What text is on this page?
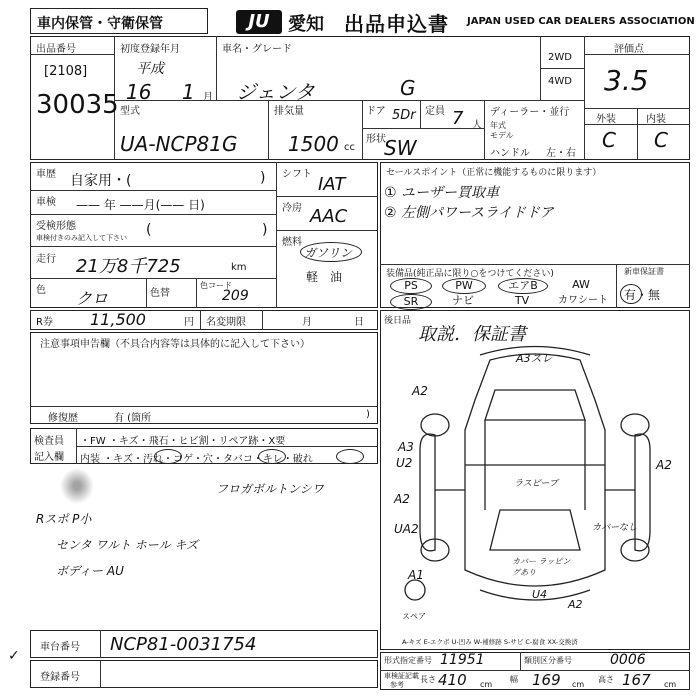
車内保管・守衛保管	JU	愛知 出品申込書 JAPAN USED CAR DEALERS ASSOCIATION
出品番号
[2108]
30035
初度登録年月
平成
16 1 月
車名・グレード
ジェンタ	G
2WD
4WD
評価点
3.5
外装	内装
C C
型式
UA-NCP81G
排気量
1500 cc
ドア 5Dr 定員 7 人
形状
SW
ディーラー・並行
年式
モデル
ハンドル 左・右
車歴 自家用・(	)
車検 —— 年 ——月(—— 日)
受検形態
車検付きのみ記入して下さい (	)
走行 21万8千725	km
色 クロ	色替
色コード
209
シフト IAT
冷房 AAC
燃料
ガソリン
軽　油
セールスポイント（正常に機能するものに限ります）
① ユーザー買取車
② 左側パワースライドドア
装備品(純正品に限り○をつけてください)	新車保証書
有・無
PS	PW	エアB	AW
SR	ナビ	TV	カワシート
R券 11,500	円 名変期限	月	日
注意事項申告欄（不具合内容等は具体的に記入して下さい）
修復歴	有 (箇所	)
検査員
記入欄
・FW ・キズ・飛石・ヒビ割・リペア跡・X要
内装 ・キズ・汚れ・コゲ・穴・タバコ・キレ・破れ
フロガボルトンシワ
Rスポ P小
センタ ワルト ホール キズ
ボディー AU
後日品
取説．保証書
A3スレ
A2
A3
U2	A2
A2
UA2
A1
ラスビーブ
カバーなし
カバー ラッピングあり
U4
A2
スペア
A-キズ E-エクボ U-凹み W-補修跡 S-サビ C-腐食 XX-交換済
✓
車台番号 NCP81-0031754
登録番号
形式指定番号 11951	類別区分番号	0006
車検証記載
参考
長さ 410 cm
幅 169 cm
高さ 167 cm
